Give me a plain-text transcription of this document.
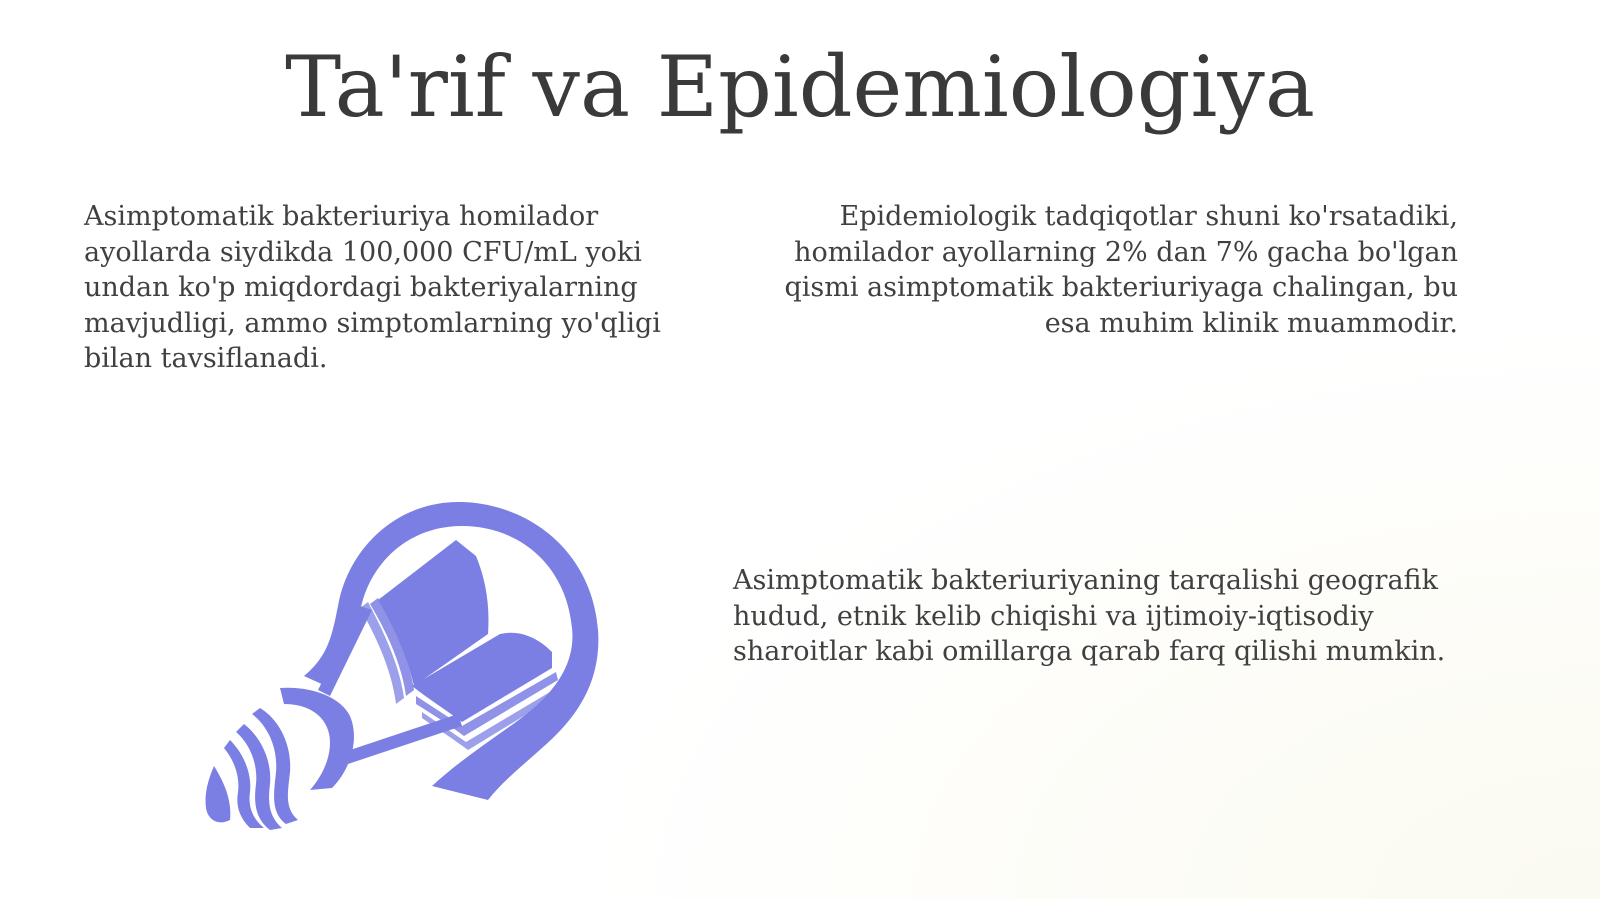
Ta'rif va Epidemiologiya

Asimptomatik bakteriuriya homilador ayollarda siydikda 100,000 CFU/mL yoki undan ko'p miqdordagi bakteriyalarning mavjudligi, ammo simptomlarning yo'qligi bilan tavsiflanadi.

Epidemiologik tadqiqotlar shuni ko'rsatadiki, homilador ayollarning 2% dan 7% gacha bo'lgan qismi asimptomatik bakteriuriyaga chalingan, bu esa muhim klinik muammodir.

Asimptomatik bakteriuriyaning tarqalishi geografik hudud, etnik kelib chiqishi va ijtimoiy-iqtisodiy sharoitlar kabi omillarga qarab farq qilishi mumkin.
